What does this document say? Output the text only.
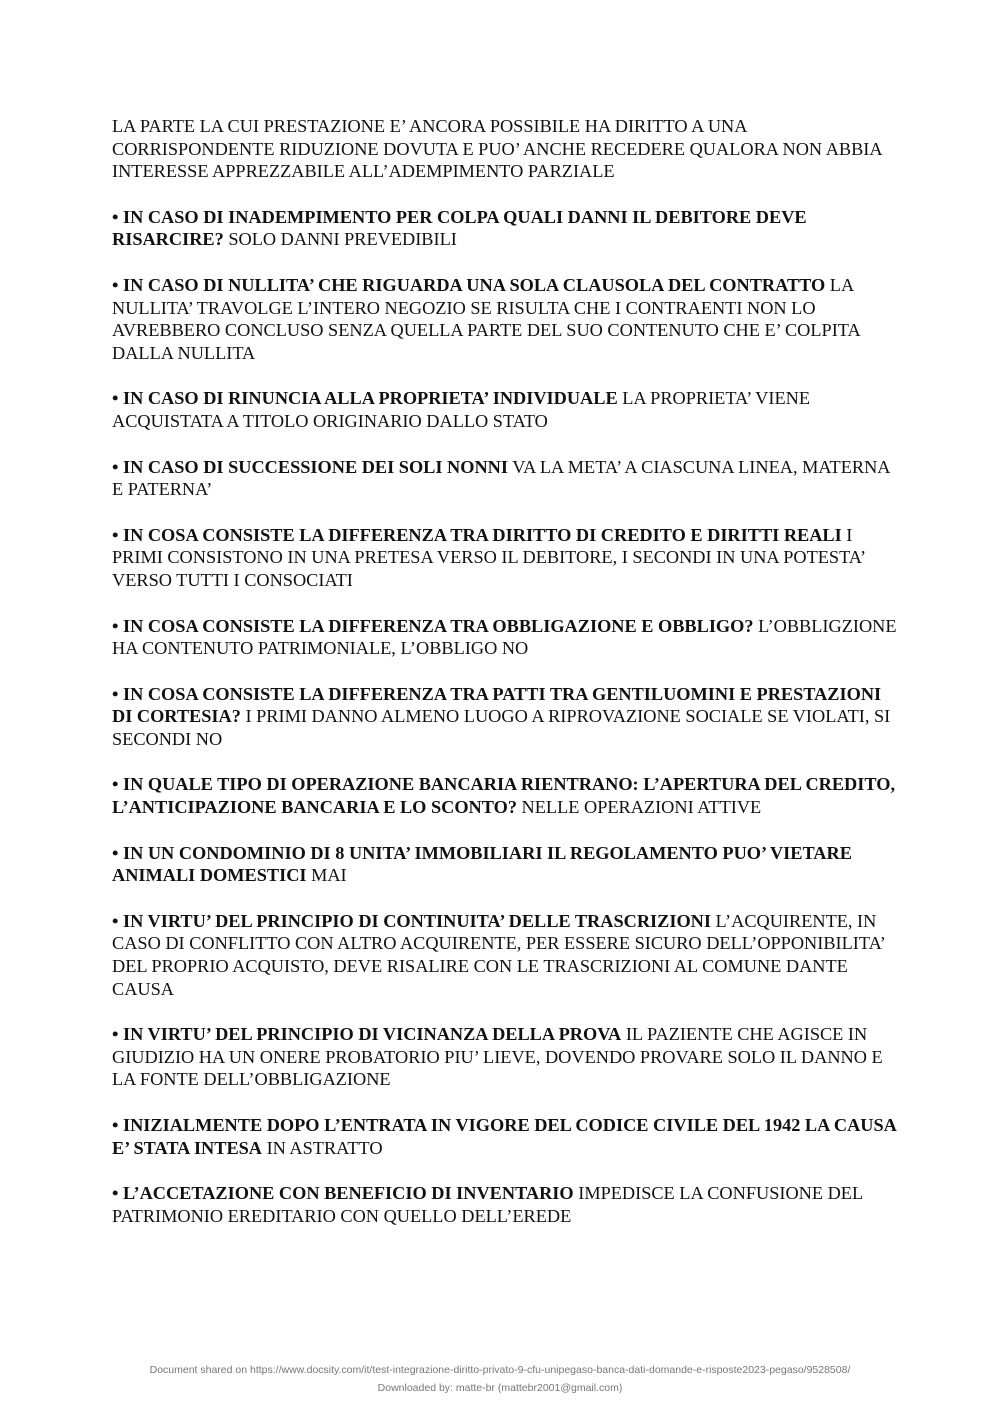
LA PARTE LA CUI PRESTAZIONE E’ ANCORA POSSIBILE HA DIRITTO A UNA CORRISPONDENTE RIDUZIONE DOVUTA E PUO’ ANCHE RECEDERE QUALORA NON ABBIA INTERESSE APPREZZABILE ALL’ADEMPIMENTO PARZIALE

• IN CASO DI INADEMPIMENTO PER COLPA QUALI DANNI IL DEBITORE DEVE RISARCIRE? SOLO DANNI PREVEDIBILI

• IN CASO DI NULLITA’ CHE RIGUARDA UNA SOLA CLAUSOLA DEL CONTRATTO LA NULLITA’ TRAVOLGE L’INTERO NEGOZIO SE RISULTA CHE I CONTRAENTI NON LO AVREBBERO CONCLUSO SENZA QUELLA PARTE DEL SUO CONTENUTO CHE E’ COLPITA DALLA NULLITA

• IN CASO DI RINUNCIA ALLA PROPRIETA’ INDIVIDUALE LA PROPRIETA’ VIENE ACQUISTATA A TITOLO ORIGINARIO DALLO STATO

• IN CASO DI SUCCESSIONE DEI SOLI NONNI VA LA META’ A CIASCUNA LINEA, MATERNA E PATERNA’

• IN COSA CONSISTE LA DIFFERENZA TRA DIRITTO DI CREDITO E DIRITTI REALI I PRIMI CONSISTONO IN UNA PRETESA VERSO IL DEBITORE, I SECONDI IN UNA POTESTA’ VERSO TUTTI I CONSOCIATI

• IN COSA CONSISTE LA DIFFERENZA TRA OBBLIGAZIONE E OBBLIGO? L’OBBLIGZIONE HA CONTENUTO PATRIMONIALE, L’OBBLIGO NO

• IN COSA CONSISTE LA DIFFERENZA TRA PATTI TRA GENTILUOMINI E PRESTAZIONI DI CORTESIA? I PRIMI DANNO ALMENO LUOGO A RIPROVAZIONE SOCIALE SE VIOLATI, SI SECONDI NO

• IN QUALE TIPO DI OPERAZIONE BANCARIA RIENTRANO: L’APERTURA DEL CREDITO, L’ANTICIPAZIONE BANCARIA E LO SCONTO? NELLE OPERAZIONI ATTIVE

• IN UN CONDOMINIO DI 8 UNITA’ IMMOBILIARI IL REGOLAMENTO PUO’ VIETARE ANIMALI DOMESTICI MAI

• IN VIRTU’ DEL PRINCIPIO DI CONTINUITA’ DELLE TRASCRIZIONI L’ACQUIRENTE, IN CASO DI CONFLITTO CON ALTRO ACQUIRENTE, PER ESSERE SICURO DELL’OPPONIBILITA’ DEL PROPRIO ACQUISTO, DEVE RISALIRE CON LE TRASCRIZIONI AL COMUNE DANTE CAUSA

• IN VIRTU’ DEL PRINCIPIO DI VICINANZA DELLA PROVA IL PAZIENTE CHE AGISCE IN GIUDIZIO HA UN ONERE PROBATORIO PIU’ LIEVE, DOVENDO PROVARE SOLO IL DANNO E LA FONTE DELL’OBBLIGAZIONE

• INIZIALMENTE DOPO L’ENTRATA IN VIGORE DEL CODICE CIVILE DEL 1942 LA CAUSA E’ STATA INTESA IN ASTRATTO

• L’ACCETAZIONE CON BENEFICIO DI INVENTARIO IMPEDISCE LA CONFUSIONE DEL PATRIMONIO EREDITARIO CON QUELLO DELL’EREDE

Document shared on https://www.docsity.com/it/test-integrazione-diritto-privato-9-cfu-unipegaso-banca-dati-domande-e-risposte2023-pegaso/9528508/
Downloaded by: matte-br (mattebr2001@gmail.com)
